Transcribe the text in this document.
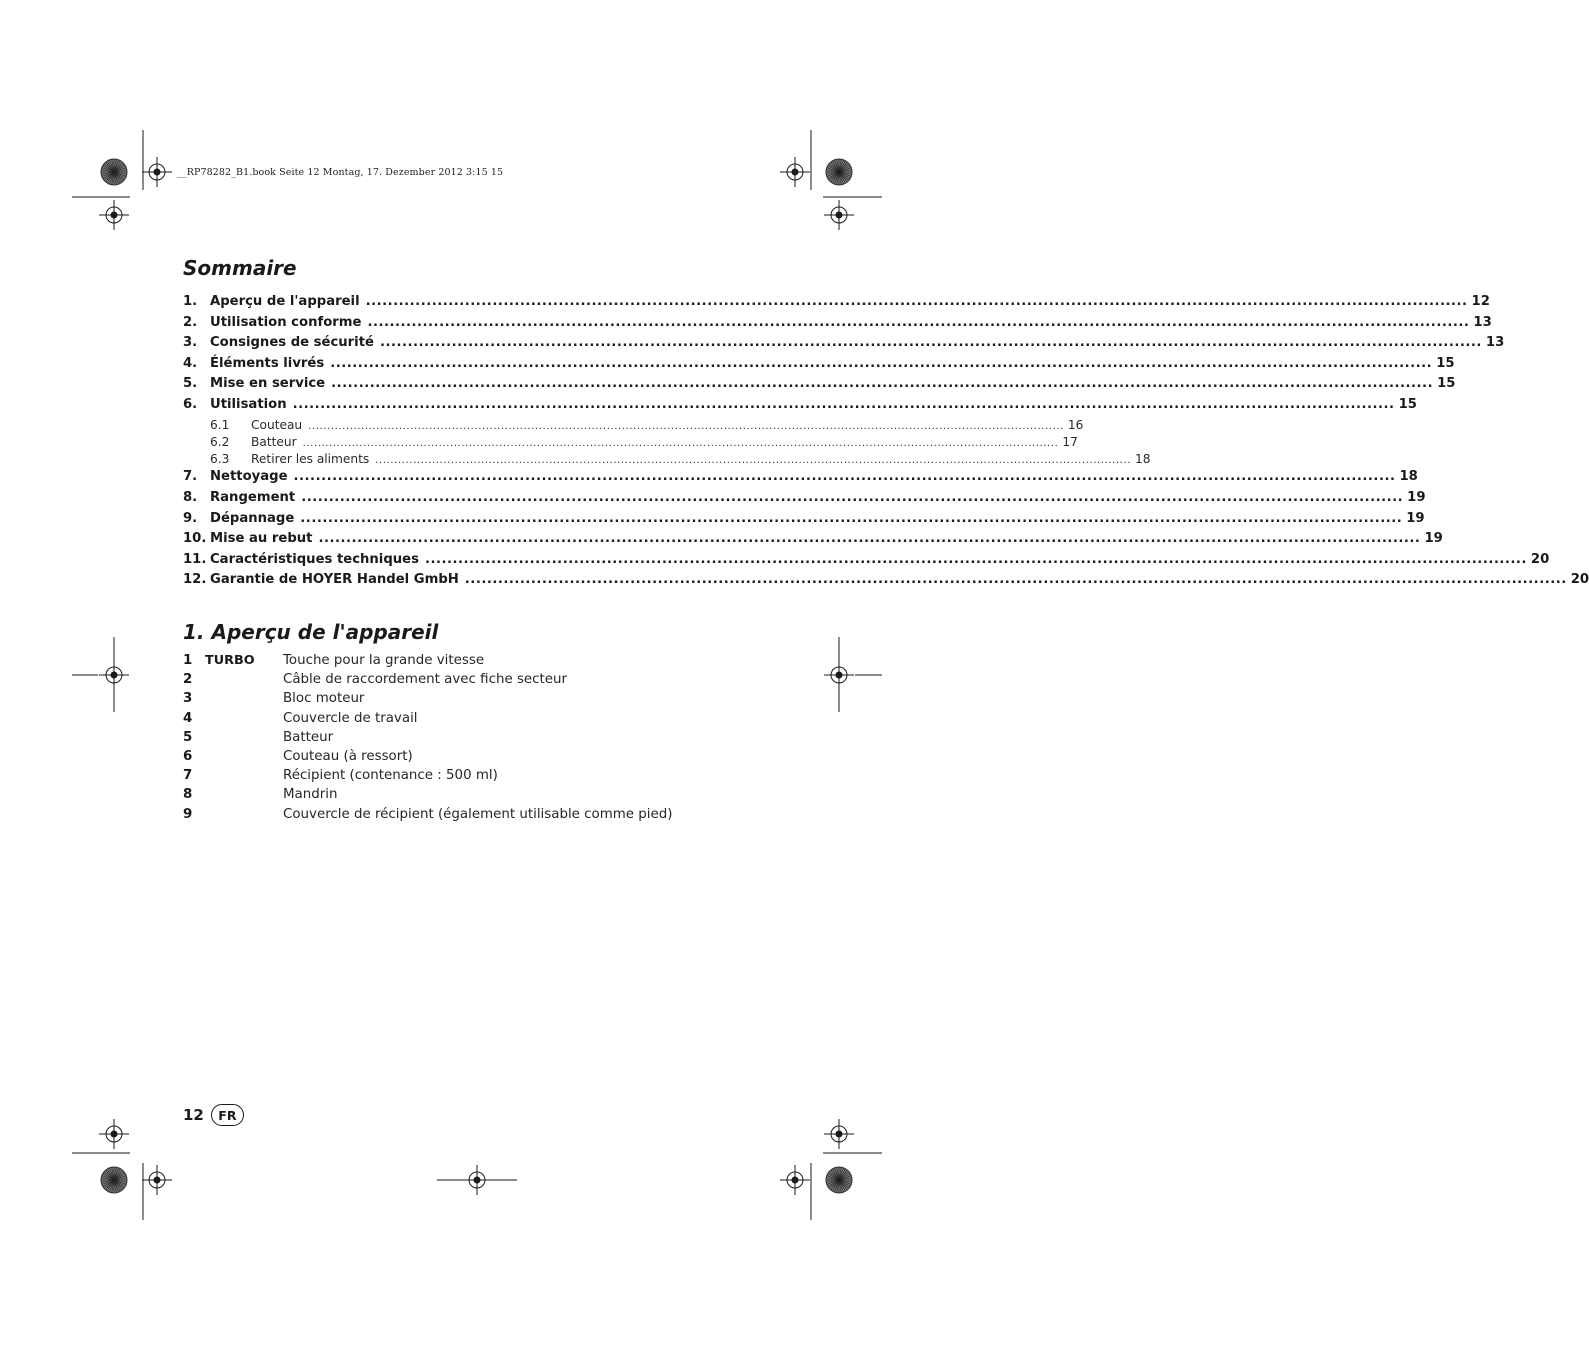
__RP78282_B1.book Seite 12 Montag, 17. Dezember 2012 3:15 15
Sommaire
1. Aperçu de l'appareil ........................................................................................................................................................................................................ 12
2. Utilisation conforme ........................................................................................................................................................................................................ 13
3. Consignes de sécurité ........................................................................................................................................................................................................ 13
4. Éléments livrés ........................................................................................................................................................................................................ 15
5. Mise en service ........................................................................................................................................................................................................ 15
6. Utilisation ........................................................................................................................................................................................................ 15
6.1	Couteau ........................................................................................................................................................................................................ 16
6.2	Batteur ........................................................................................................................................................................................................ 17
6.3	Retirer les aliments ........................................................................................................................................................................................................ 18
7. Nettoyage ........................................................................................................................................................................................................ 18
8. Rangement ........................................................................................................................................................................................................ 19
9. Dépannage ........................................................................................................................................................................................................ 19
10. Mise au rebut ........................................................................................................................................................................................................ 19
11. Caractéristiques techniques ........................................................................................................................................................................................................ 20
12. Garantie de HOYER Handel GmbH ........................................................................................................................................................................................................ 20
1. Aperçu de l'appareil
1 TURBO	Touche pour la grande vitesse
2	Câble de raccordement avec fiche secteur
3	Bloc moteur
4	Couvercle de travail
5	Batteur
6	Couteau (à ressort)
7	Récipient (contenance : 500 ml)
8	Mandrin
9	Couvercle de récipient (également utilisable comme pied)
12	FR
